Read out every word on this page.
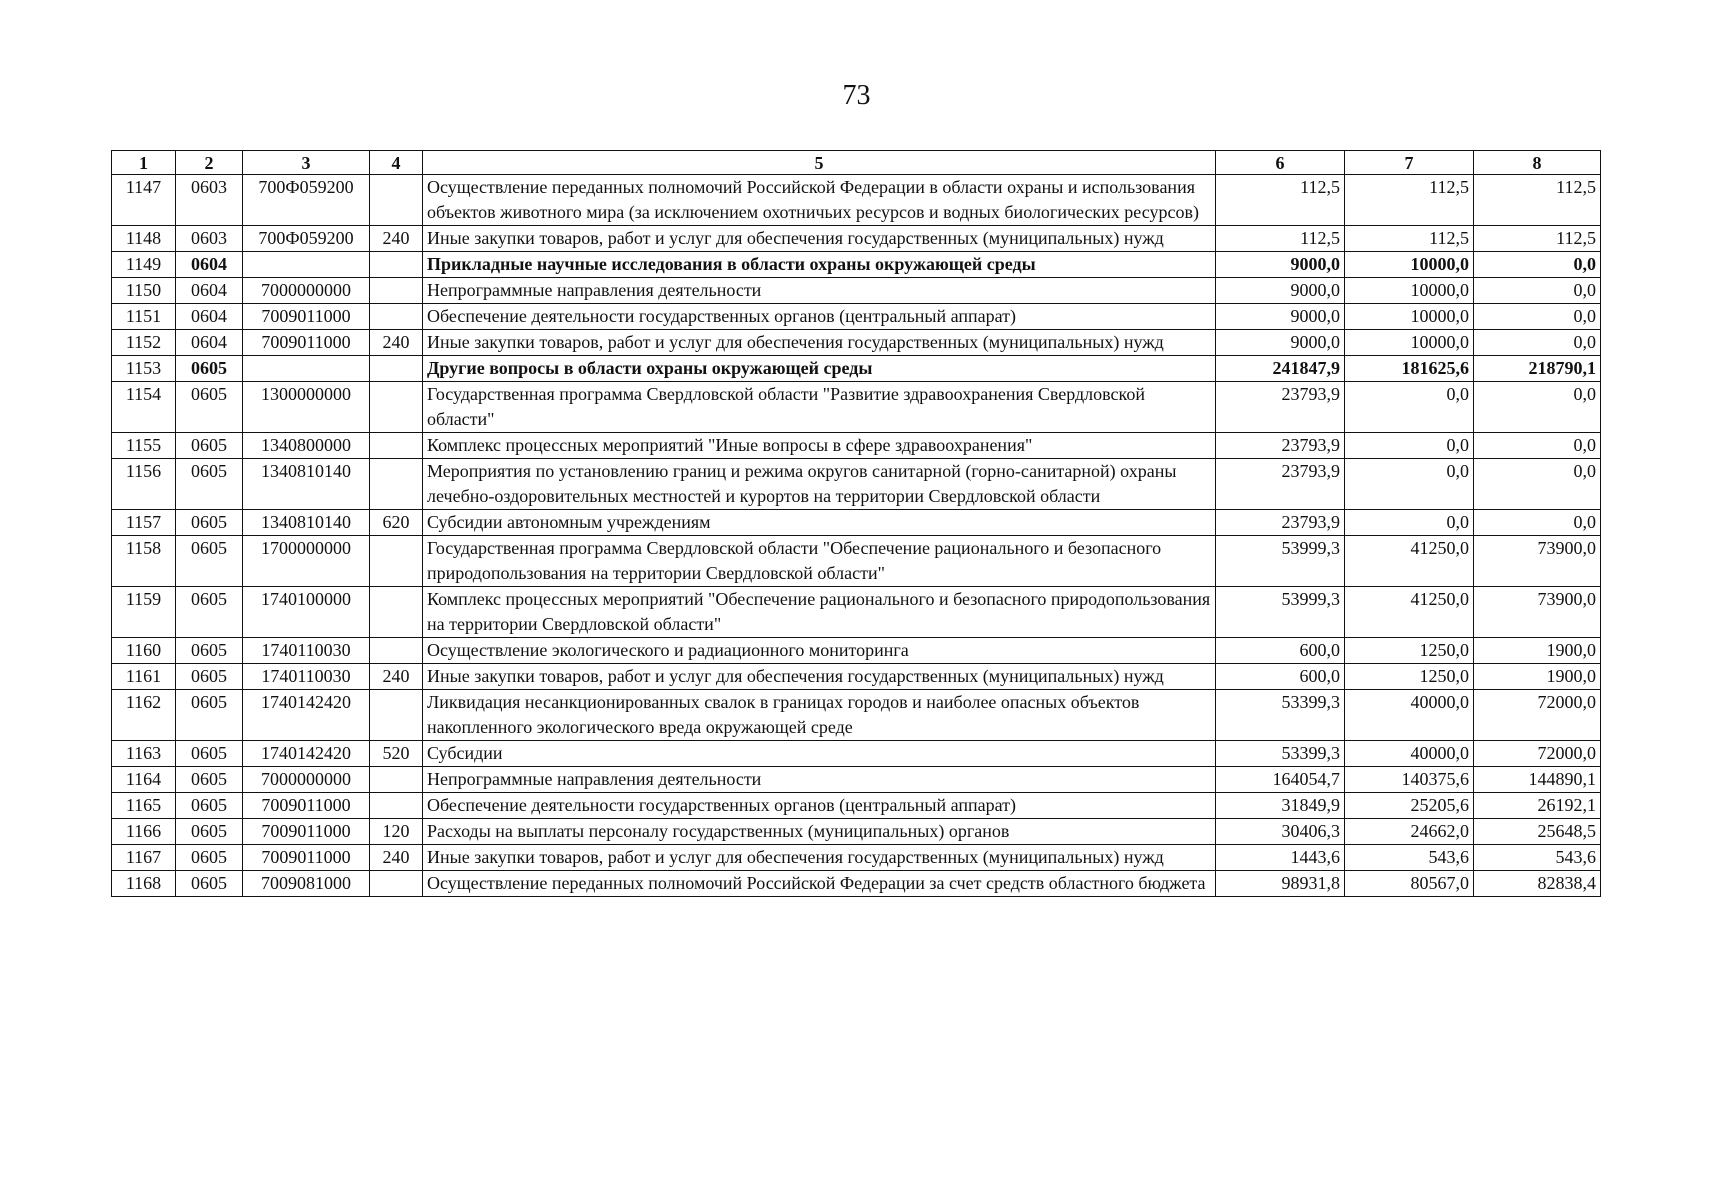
73
1	2	3	4	5	6	7	8
1147	0603	700Ф059200		Осуществление переданных полномочий Российской Федерации в области охраны и использования объектов животного мира (за исключением охотничьих ресурсов и водных биологических ресурсов)	112,5	112,5	112,5
1148	0603	700Ф059200	240	Иные закупки товаров, работ и услуг для обеспечения государственных (муниципальных) нужд	112,5	112,5	112,5
1149	0604			Прикладные научные исследования в области охраны окружающей среды	9000,0	10000,0	0,0
1150	0604	7000000000		Непрограммные направления деятельности	9000,0	10000,0	0,0
1151	0604	7009011000		Обеспечение деятельности государственных органов (центральный аппарат)	9000,0	10000,0	0,0
1152	0604	7009011000	240	Иные закупки товаров, работ и услуг для обеспечения государственных (муниципальных) нужд	9000,0	10000,0	0,0
1153	0605			Другие вопросы в области охраны окружающей среды	241847,9	181625,6	218790,1
1154	0605	1300000000		Государственная программа Свердловской области "Развитие здравоохранения Свердловской области"	23793,9	0,0	0,0
1155	0605	1340800000		Комплекс процессных мероприятий "Иные вопросы в сфере здравоохранения"	23793,9	0,0	0,0
1156	0605	1340810140		Мероприятия по установлению границ и режима округов санитарной (горно-санитарной) охраны лечебно-оздоровительных местностей и курортов на территории Свердловской области	23793,9	0,0	0,0
1157	0605	1340810140	620	Субсидии автономным учреждениям	23793,9	0,0	0,0
1158	0605	1700000000		Государственная программа Свердловской области "Обеспечение рационального и безопасного природопользования на территории Свердловской области"	53999,3	41250,0	73900,0
1159	0605	1740100000		Комплекс процессных мероприятий "Обеспечение рационального и безопасного природопользования на территории Свердловской области"	53999,3	41250,0	73900,0
1160	0605	1740110030		Осуществление экологического и радиационного мониторинга	600,0	1250,0	1900,0
1161	0605	1740110030	240	Иные закупки товаров, работ и услуг для обеспечения государственных (муниципальных) нужд	600,0	1250,0	1900,0
1162	0605	1740142420		Ликвидация несанкционированных свалок в границах городов и наиболее опасных объектов накопленного экологического вреда окружающей среде	53399,3	40000,0	72000,0
1163	0605	1740142420	520	Субсидии	53399,3	40000,0	72000,0
1164	0605	7000000000		Непрограммные направления деятельности	164054,7	140375,6	144890,1
1165	0605	7009011000		Обеспечение деятельности государственных органов (центральный аппарат)	31849,9	25205,6	26192,1
1166	0605	7009011000	120	Расходы на выплаты персоналу государственных (муниципальных) органов	30406,3	24662,0	25648,5
1167	0605	7009011000	240	Иные закупки товаров, работ и услуг для обеспечения государственных (муниципальных) нужд	1443,6	543,6	543,6
1168	0605	7009081000		Осуществление переданных полномочий Российской Федерации за счет средств областного бюджета	98931,8	80567,0	82838,4
